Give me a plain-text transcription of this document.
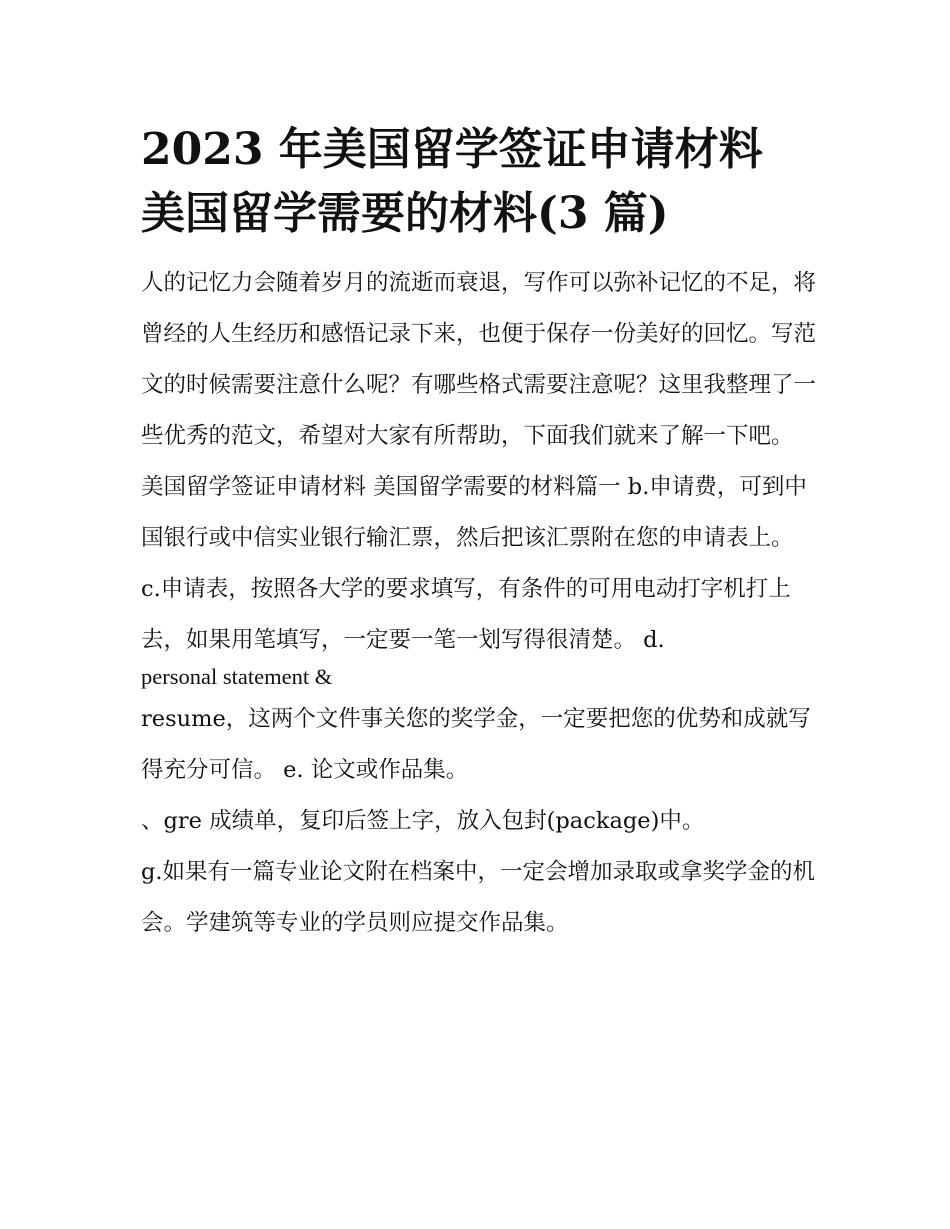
2023 年美国留学签证申请材料
美国留学需要的材料(3 篇)

人的记忆力会随着岁月的流逝而衰退，写作可以弥补记忆的不足，将曾经的人生经历和感悟记录下来，也便于保存一份美好的回忆。写范文的时候需要注意什么呢？有哪些格式需要注意呢？这里我整理了一些优秀的范文，希望对大家有所帮助，下面我们就来了解一下吧。

美国留学签证申请材料 美国留学需要的材料篇一 b.申请费，可到中国银行或中信实业银行输汇票，然后把该汇票附在您的申请表上。

c.申请表，按照各大学的要求填写，有条件的可用电动打字机打上去，如果用笔填写，一定要一笔一划写得很清楚。 d.

personal statement &

resume，这两个文件事关您的奖学金，一定要把您的优势和成就写得充分可信。 e. 论文或作品集。

、gre 成绩单，复印后签上字，放入包封(package)中。

g.如果有一篇专业论文附在档案中，一定会增加录取或拿奖学金的机会。学建筑等专业的学员则应提交作品集。
